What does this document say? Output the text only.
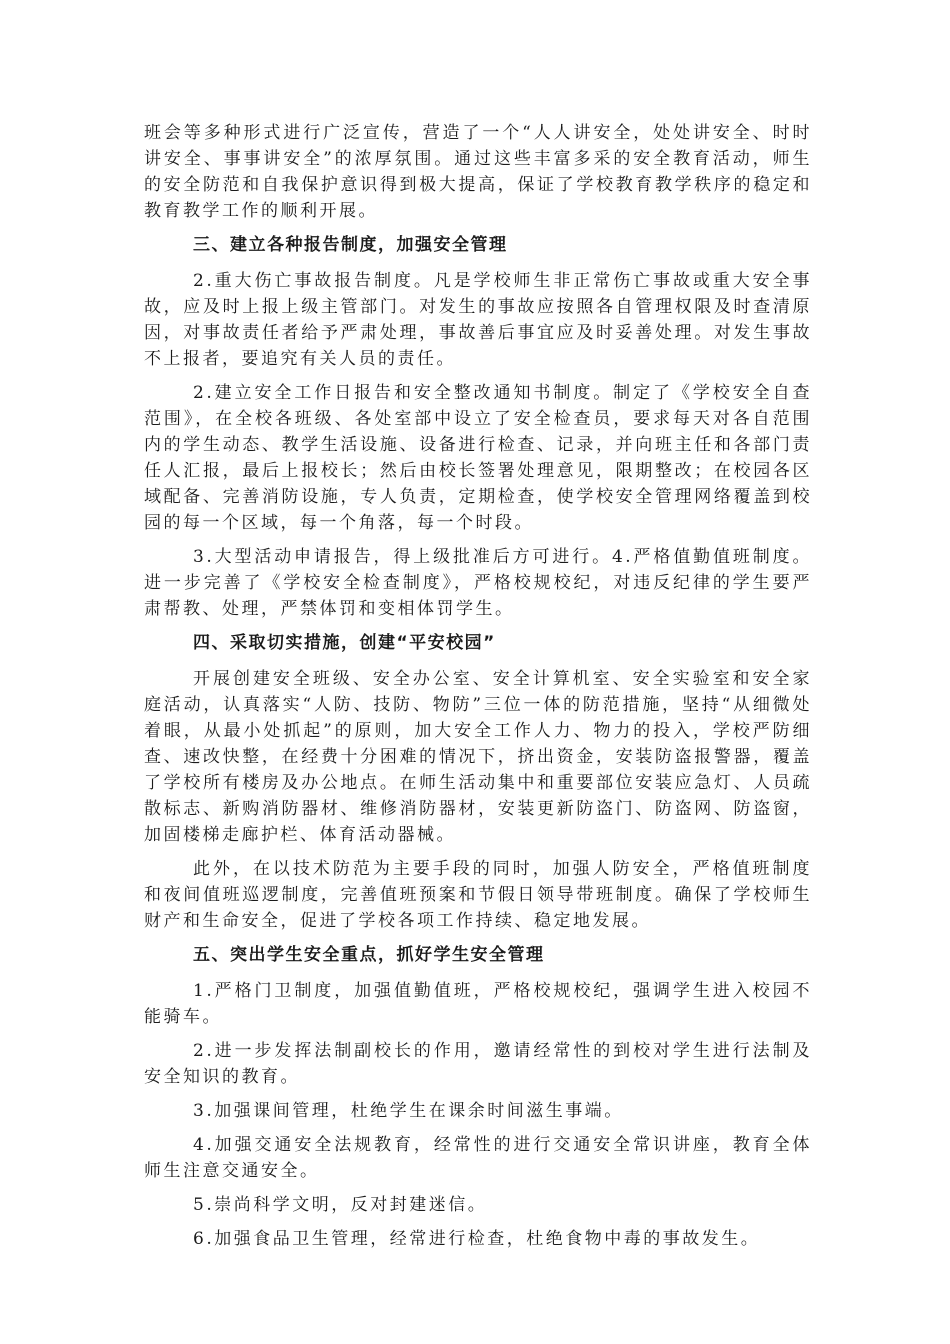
班会等多种形式进行广泛宣传，营造了一个“人人讲安全，处处讲安全、时时讲安全、事事讲安全”的浓厚氛围。通过这些丰富多采的安全教育活动，师生的安全防范和自我保护意识得到极大提高，保证了学校教育教学秩序的稳定和教育教学工作的顺利开展。

三、建立各种报告制度，加强安全管理

2.重大伤亡事故报告制度。凡是学校师生非正常伤亡事故或重大安全事故，应及时上报上级主管部门。对发生的事故应按照各自管理权限及时查清原因，对事故责任者给予严肃处理，事故善后事宜应及时妥善处理。对发生事故不上报者，要追究有关人员的责任。

2.建立安全工作日报告和安全整改通知书制度。制定了《学校安全自查范围》，在全校各班级、各处室部中设立了安全检查员，要求每天对各自范围内的学生动态、教学生活设施、设备进行检查、记录，并向班主任和各部门责任人汇报，最后上报校长；然后由校长签署处理意见，限期整改；在校园各区域配备、完善消防设施，专人负责，定期检查，使学校安全管理网络覆盖到校园的每一个区域，每一个角落，每一个时段。

3.大型活动申请报告，得上级批准后方可进行。4.严格值勤值班制度。进一步完善了《学校安全检查制度》，严格校规校纪，对违反纪律的学生要严肃帮教、处理，严禁体罚和变相体罚学生。

四、采取切实措施，创建“平安校园”

开展创建安全班级、安全办公室、安全计算机室、安全实验室和安全家庭活动，认真落实“人防、技防、物防”三位一体的防范措施，坚持“从细微处着眼，从最小处抓起”的原则，加大安全工作人力、物力的投入，学校严防细查、速改快整，在经费十分困难的情况下，挤出资金，安装防盗报警器，覆盖了学校所有楼房及办公地点。在师生活动集中和重要部位安装应急灯、人员疏散标志、新购消防器材、维修消防器材，安装更新防盗门、防盗网、防盗窗，加固楼梯走廊护栏、体育活动器械。

此外，在以技术防范为主要手段的同时，加强人防安全，严格值班制度和夜间值班巡逻制度，完善值班预案和节假日领导带班制度。确保了学校师生财产和生命安全，促进了学校各项工作持续、稳定地发展。

五、突出学生安全重点，抓好学生安全管理

1.严格门卫制度，加强值勤值班，严格校规校纪，强调学生进入校园不能骑车。

2.进一步发挥法制副校长的作用，邀请经常性的到校对学生进行法制及安全知识的教育。

3.加强课间管理，杜绝学生在课余时间滋生事端。

4.加强交通安全法规教育，经常性的进行交通安全常识讲座，教育全体师生注意交通安全。

5.崇尚科学文明，反对封建迷信。

6.加强食品卫生管理，经常进行检查，杜绝食物中毒的事故发生。
